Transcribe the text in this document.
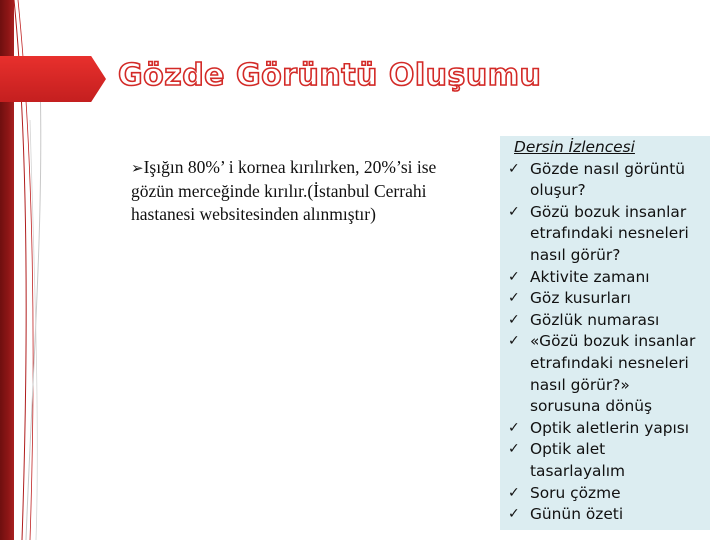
Gözde Görüntü Oluşumu

➢Işığın 80%’ i kornea kırılırken, 20%’si ise gözün merceğinde kırılır.(İstanbul Cerrahi hastanesi websitesinden alınmıştır)

Dersin İzlencesi
✓ Gözde nasıl görüntü oluşur?
✓ Gözü bozuk insanlar etrafındaki nesneleri nasıl görür?
✓ Aktivite zamanı
✓ Göz kusurları
✓ Gözlük numarası
✓ «Gözü bozuk insanlar etrafındaki nesneleri nasıl görür?» sorusuna dönüş
✓ Optik aletlerin yapısı
✓ Optik alet tasarlayalım
✓ Soru çözme
✓ Günün özeti
